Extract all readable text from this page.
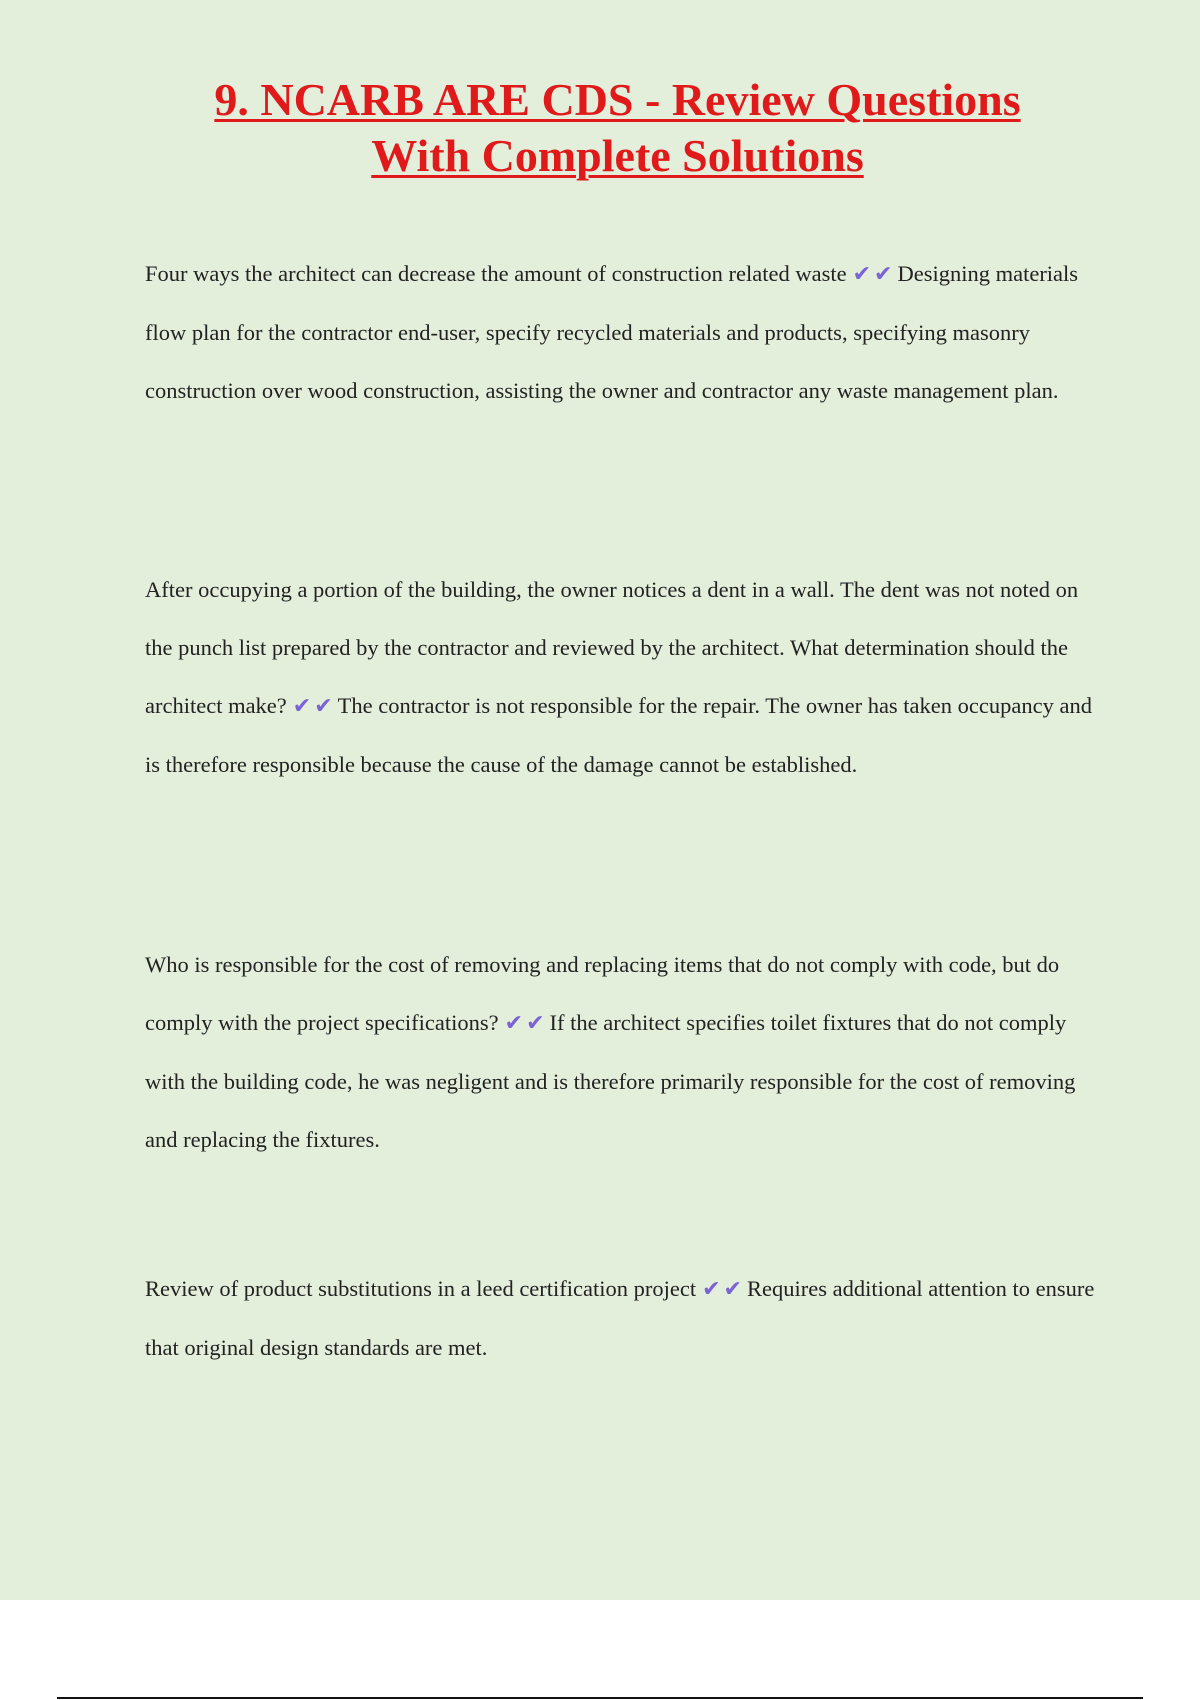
9. NCARB ARE CDS - Review Questions
With Complete Solutions

Four ways the architect can decrease the amount of construction related waste ✔✔Designing materials flow plan for the contractor end-user, specify recycled materials and products, specifying masonry construction over wood construction, assisting the owner and contractor any waste management plan.

After occupying a portion of the building, the owner notices a dent in a wall. The dent was not noted on the punch list prepared by the contractor and reviewed by the architect. What determination should the architect make? ✔✔The contractor is not responsible for the repair. The owner has taken occupancy and is therefore responsible because the cause of the damage cannot be established.

Who is responsible for the cost of removing and replacing items that do not comply with code, but do comply with the project specifications? ✔✔If the architect specifies toilet fixtures that do not comply with the building code, he was negligent and is therefore primarily responsible for the cost of removing and replacing the fixtures.

Review of product substitutions in a leed certification project ✔✔Requires additional attention to ensure that original design standards are met.
